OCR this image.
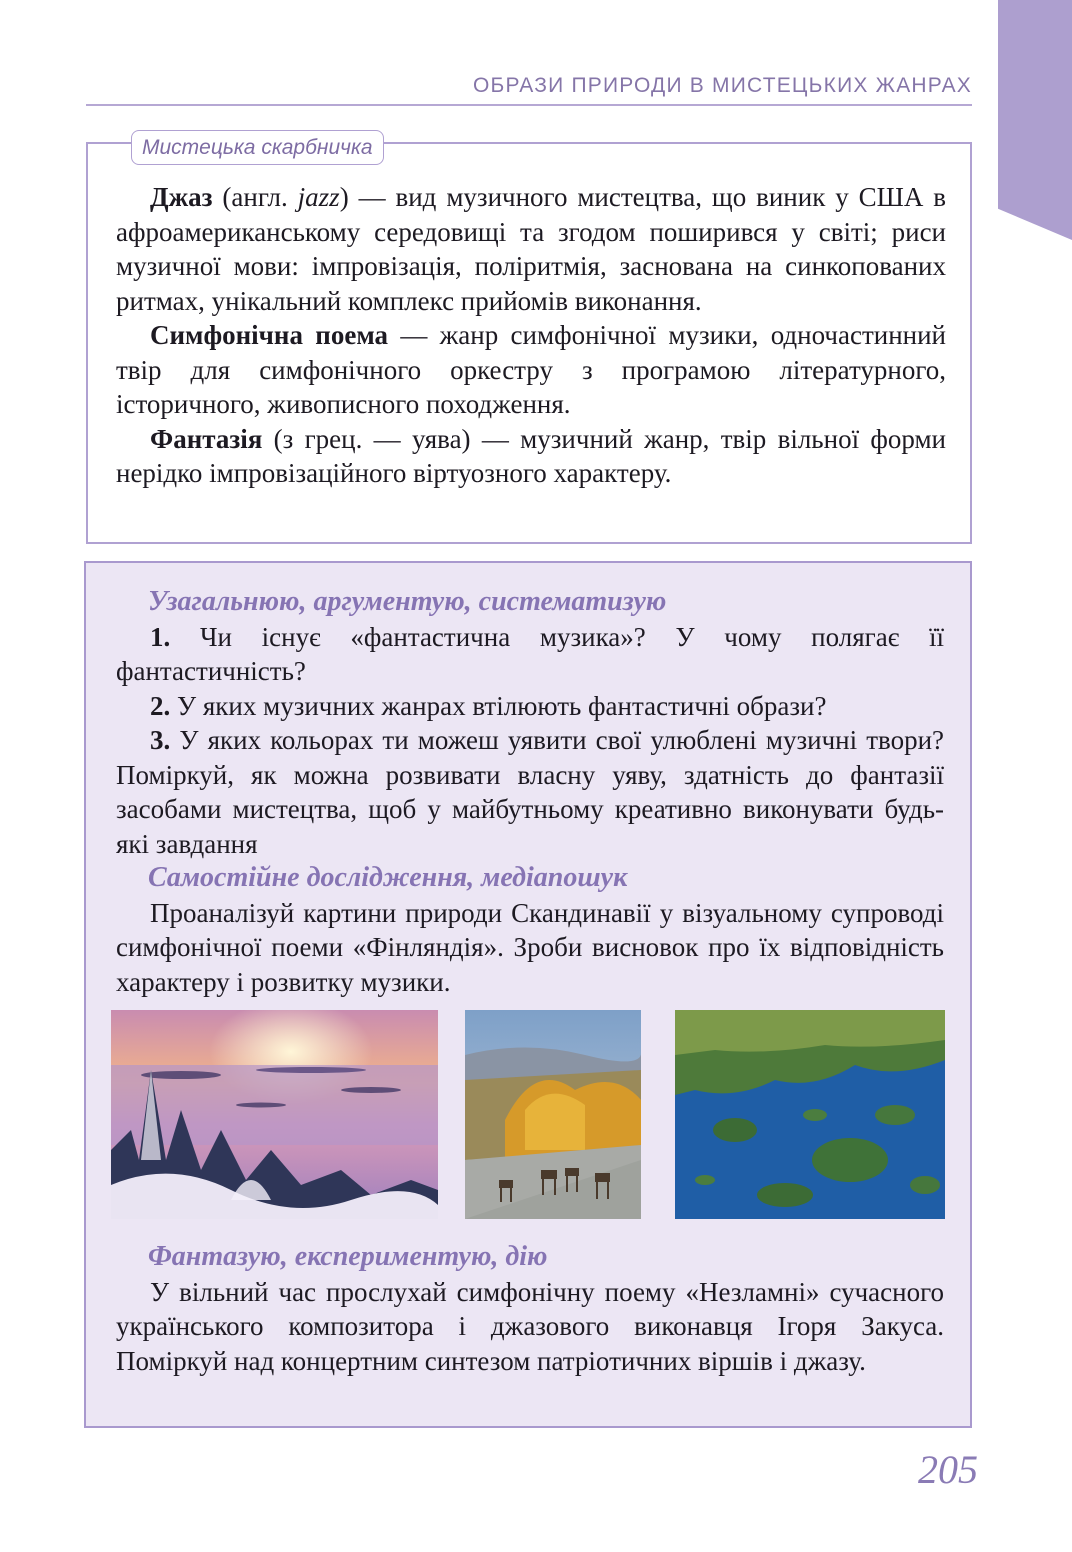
ОБРАЗИ ПРИРОДИ В МИСТЕЦЬКИХ ЖАНРАХ
Мистецька скарбничка

Джаз (англ. jazz) — вид музичного мистецтва, що виник у США в афроамериканському середовищі та згодом поширився у світі; риси музичної мови: імпровізація, поліритмія, заснована на синкопованих ритмах, унікальний комплекс прийомів виконання.

Симфонічна поема — жанр симфонічної музики, одночастинний твір для симфонічного оркестру з програмою літературного, історичного, живописного походження.

Фантазія (з грец. — уява) — музичний жанр, твір вільної форми нерідко імпровізаційного віртуозного характеру.

Узагальнюю, аргументую, систематизую

1. Чи існує «фантастична музика»? У чому полягає її фантастичність?

2. У яких музичних жанрах втілюють фантастичні образи?

3. У яких кольорах ти можеш уявити свої улюблені музичні твори? Поміркуй, як можна розвивати власну уяву, здатність до фантазії засобами мистецтва, щоб у майбутньому креативно виконувати будь-які завдання

Самостійне дослідження, медіапошук

Проаналізуй картини природи Скандинавії у візуальному супроводі симфонічної поеми «Фінляндія». Зроби висновок про їх відповідність характеру і розвитку музики.

Фантазую, експериментую, дію

У вільний час прослухай симфонічну поему «Незламні» сучасного українського композитора і джазового виконавця Ігоря Закуса. Поміркуй над концертним синтезом патріотичних віршів і джазу.

205
